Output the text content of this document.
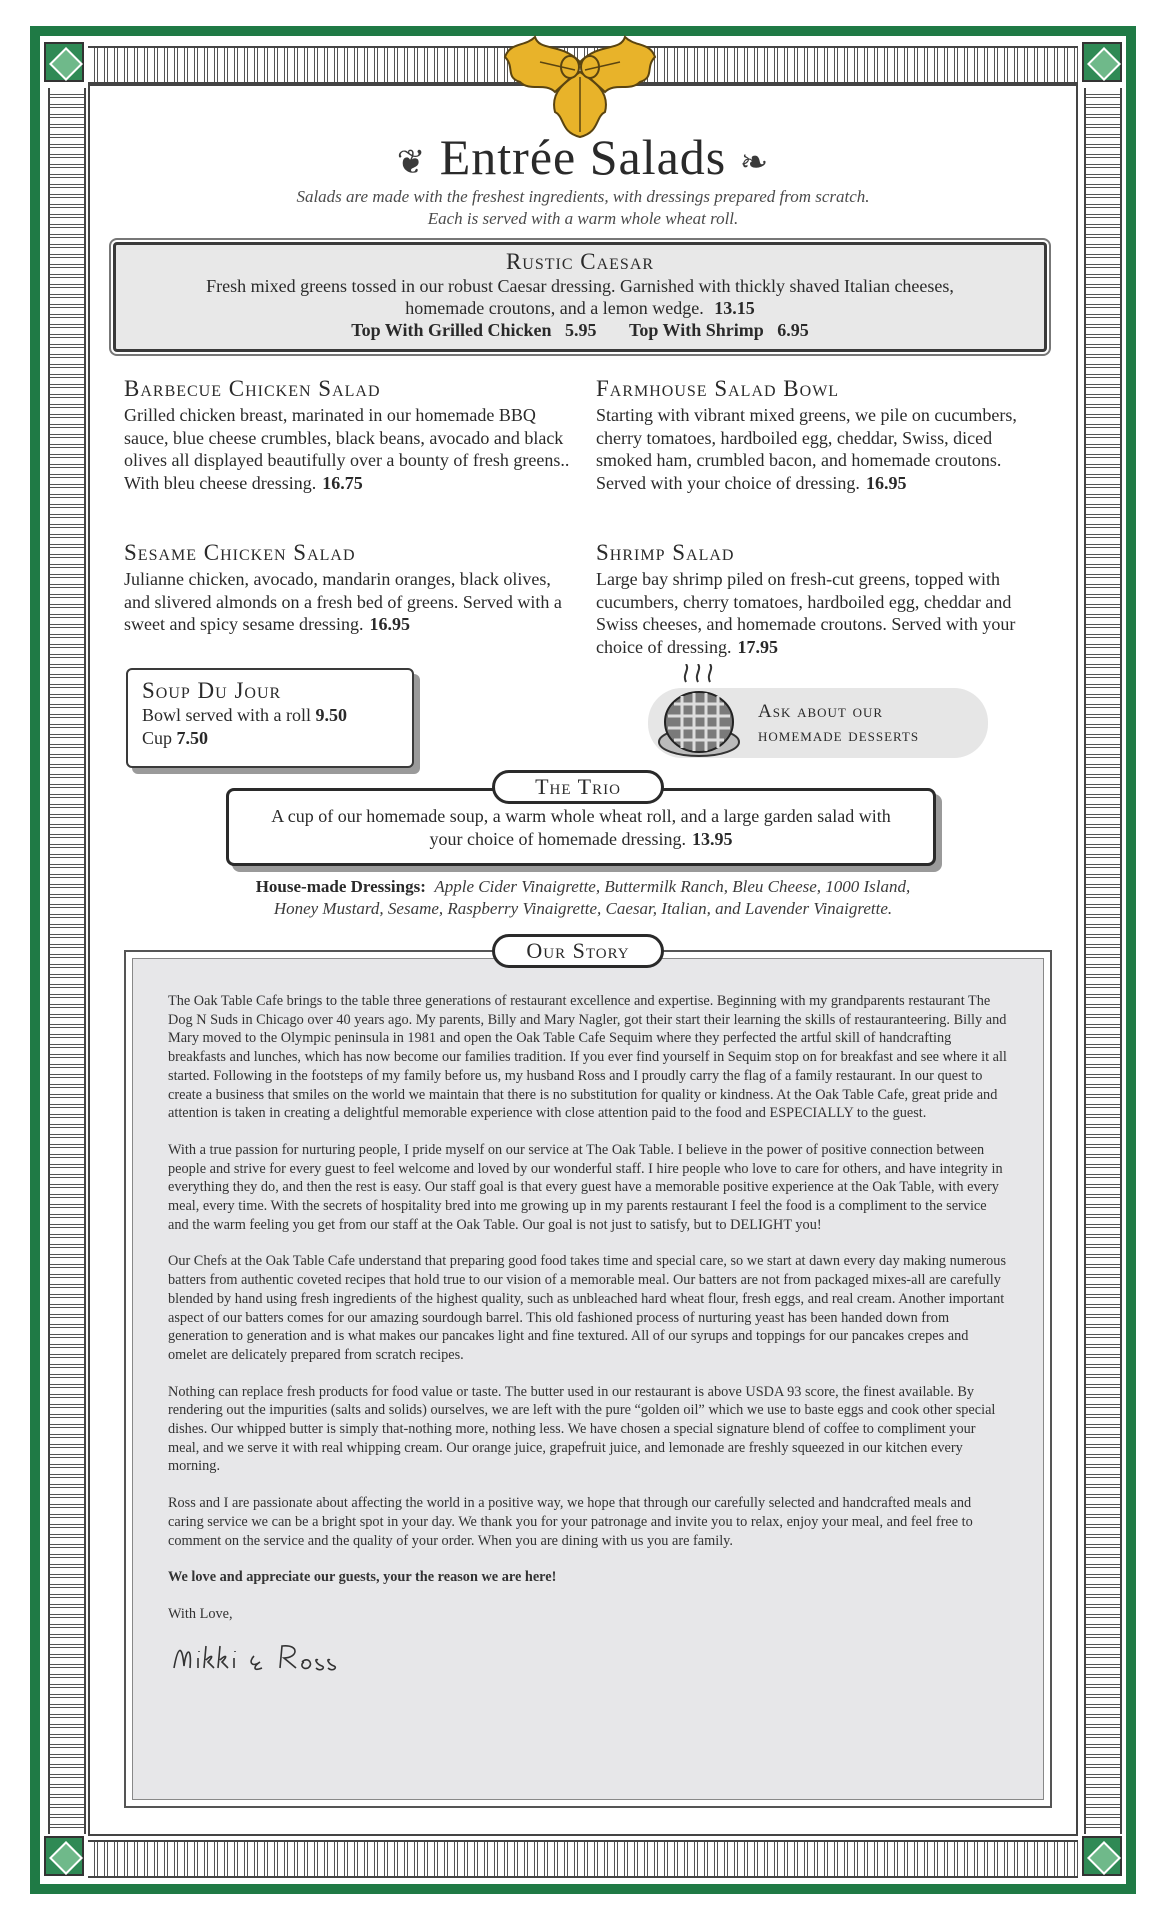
❦ Entrée Salads ❧
Salads are made with the freshest ingredients, with dressings prepared from scratch.
Each is served with a warm whole wheat roll.
Rustic Caesar
Fresh mixed greens tossed in our robust Caesar dressing. Garnished with thickly shaved Italian cheeses, homemade croutons, and a lemon wedge. 13.15
Top With Grilled Chicken 5.95 Top With Shrimp 6.95
Barbecue Chicken Salad
Grilled chicken breast, marinated in our homemade BBQ sauce, blue cheese crumbles, black beans, avocado and black olives all displayed beautifully over a bounty of fresh greens.. With bleu cheese dressing. 16.75
Farmhouse Salad Bowl
Starting with vibrant mixed greens, we pile on cucumbers, cherry tomatoes, hardboiled egg, cheddar, Swiss, diced smoked ham, crumbled bacon, and homemade croutons. Served with your choice of dressing. 16.95
Sesame Chicken Salad
Julianne chicken, avocado, mandarin oranges, black olives, and slivered almonds on a fresh bed of greens. Served with a sweet and spicy sesame dressing. 16.95
Shrimp Salad
Large bay shrimp piled on fresh-cut greens, topped with cucumbers, cherry tomatoes, hardboiled egg, cheddar and Swiss cheeses, and homemade croutons. Served with your choice of dressing. 17.95
Soup Du Jour
Bowl served with a roll 9.50
Cup 7.50
Ask about our
homemade desserts
The Trio
A cup of our homemade soup, a warm whole wheat roll, and a large garden salad with your choice of homemade dressing. 13.95
House-made Dressings: Apple Cider Vinaigrette, Buttermilk Ranch, Bleu Cheese, 1000 Island,
Honey Mustard, Sesame, Raspberry Vinaigrette, Caesar, Italian, and Lavender Vinaigrette.
Our Story

The Oak Table Cafe brings to the table three generations of restaurant excellence and expertise. Beginning with my grandparents restaurant The Dog N Suds in Chicago over 40 years ago. My parents, Billy and Mary Nagler, got their start their learning the skills of restauranteering. Billy and Mary moved to the Olympic peninsula in 1981 and open the Oak Table Cafe Sequim where they perfected the artful skill of handcrafting breakfasts and lunches, which has now become our families tradition. If you ever find yourself in Sequim stop on for breakfast and see where it all started. Following in the footsteps of my family before us, my husband Ross and I proudly carry the flag of a family restaurant. In our quest to create a business that smiles on the world we maintain that there is no substitution for quality or kindness. At the Oak Table Cafe, great pride and attention is taken in creating a delightful memorable experience with close attention paid to the food and ESPECIALLY to the guest.

With a true passion for nurturing people, I pride myself on our service at The Oak Table. I believe in the power of positive connection between people and strive for every guest to feel welcome and loved by our wonderful staff. I hire people who love to care for others, and have integrity in everything they do, and then the rest is easy. Our staff goal is that every guest have a memorable positive experience at the Oak Table, with every meal, every time. With the secrets of hospitality bred into me growing up in my parents restaurant I feel the food is a compliment to the service and the warm feeling you get from our staff at the Oak Table. Our goal is not just to satisfy, but to DELIGHT you!

Our Chefs at the Oak Table Cafe understand that preparing good food takes time and special care, so we start at dawn every day making numerous batters from authentic coveted recipes that hold true to our vision of a memorable meal. Our batters are not from packaged mixes-all are carefully blended by hand using fresh ingredients of the highest quality, such as unbleached hard wheat flour, fresh eggs, and real cream. Another important aspect of our batters comes for our amazing sourdough barrel. This old fashioned process of nurturing yeast has been handed down from generation to generation and is what makes our pancakes light and fine textured. All of our syrups and toppings for our pancakes crepes and omelet are delicately prepared from scratch recipes.

Nothing can replace fresh products for food value or taste. The butter used in our restaurant is above USDA 93 score, the finest available. By rendering out the impurities (salts and solids) ourselves, we are left with the pure “golden oil” which we use to baste eggs and cook other special dishes. Our whipped butter is simply that-nothing more, nothing less. We have chosen a special signature blend of coffee to compliment your meal, and we serve it with real whipping cream. Our orange juice, grapefruit juice, and lemonade are freshly squeezed in our kitchen every morning.

Ross and I are passionate about affecting the world in a positive way, we hope that through our carefully selected and handcrafted meals and caring service we can be a bright spot in your day. We thank you for your patronage and invite you to relax, enjoy your meal, and feel free to comment on the service and the quality of your order. When you are dining with us you are family.

We love and appreciate our guests, your the reason we are here!

With Love,
